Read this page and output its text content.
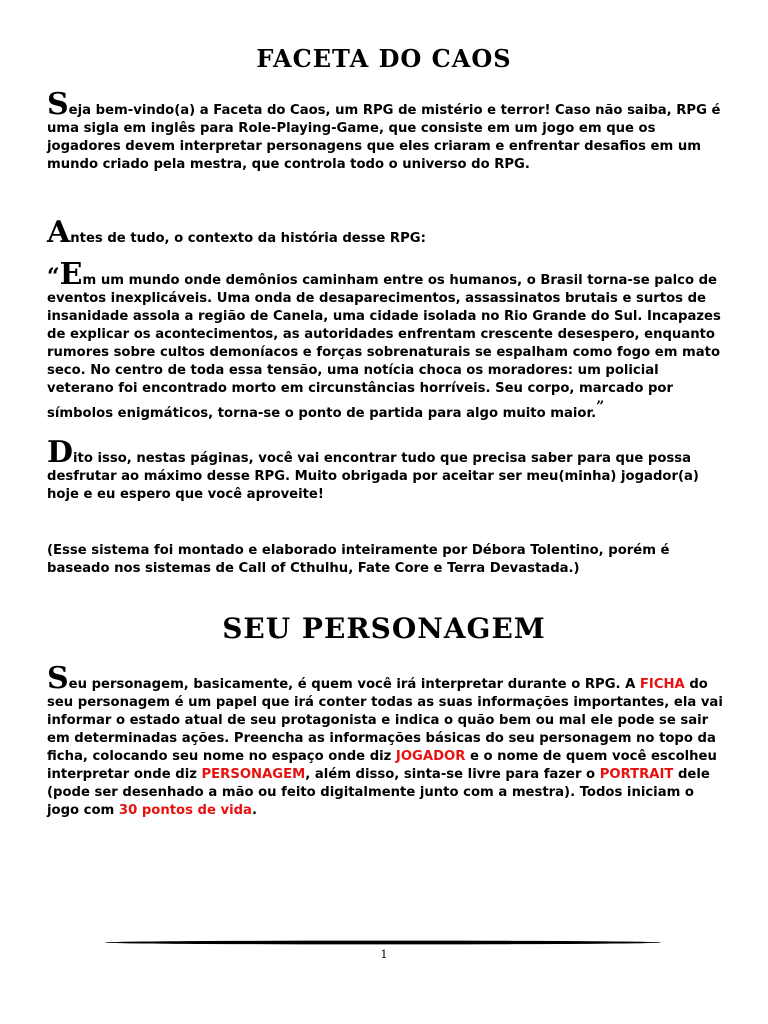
FACETA DO CAOS

Seja bem-vindo(a) a Faceta do Caos, um RPG de mistério e terror! Caso não saiba, RPG é uma sigla em inglês para Role-Playing-Game, que consiste em um jogo em que os jogadores devem interpretar personagens que eles criaram e enfrentar desafios em um mundo criado pela mestra, que controla todo o universo do RPG.

Antes de tudo, o contexto da história desse RPG:

“Em um mundo onde demônios caminham entre os humanos, o Brasil torna-se palco de eventos inexplicáveis. Uma onda de desaparecimentos, assassinatos brutais e surtos de insanidade assola a região de Canela, uma cidade isolada no Rio Grande do Sul. Incapazes de explicar os acontecimentos, as autoridades enfrentam crescente desespero, enquanto rumores sobre cultos demoníacos e forças sobrenaturais se espalham como fogo em mato seco. No centro de toda essa tensão, uma notícia choca os moradores: um policial veterano foi encontrado morto em circunstâncias horríveis. Seu corpo, marcado por símbolos enigmáticos, torna-se o ponto de partida para algo muito maior.”

Dito isso, nestas páginas, você vai encontrar tudo que precisa saber para que possa desfrutar ao máximo desse RPG. Muito obrigada por aceitar ser meu(minha) jogador(a) hoje e eu espero que você aproveite!

(Esse sistema foi montado e elaborado inteiramente por Débora Tolentino, porém é baseado nos sistemas de Call of Cthulhu, Fate Core e Terra Devastada.)

SEU PERSONAGEM

Seu personagem, basicamente, é quem você irá interpretar durante o RPG. A FICHA do seu personagem é um papel que irá conter todas as suas informações importantes, ela vai informar o estado atual de seu protagonista e indica o quão bem ou mal ele pode se sair em determinadas ações. Preencha as informações básicas do seu personagem no topo da ficha, colocando seu nome no espaço onde diz JOGADOR e o nome de quem você escolheu interpretar onde diz PERSONAGEM, além disso, sinta-se livre para fazer o PORTRAIT dele (pode ser desenhado a mão ou feito digitalmente junto com a mestra). Todos iniciam o jogo com 30 pontos de vida.

1
